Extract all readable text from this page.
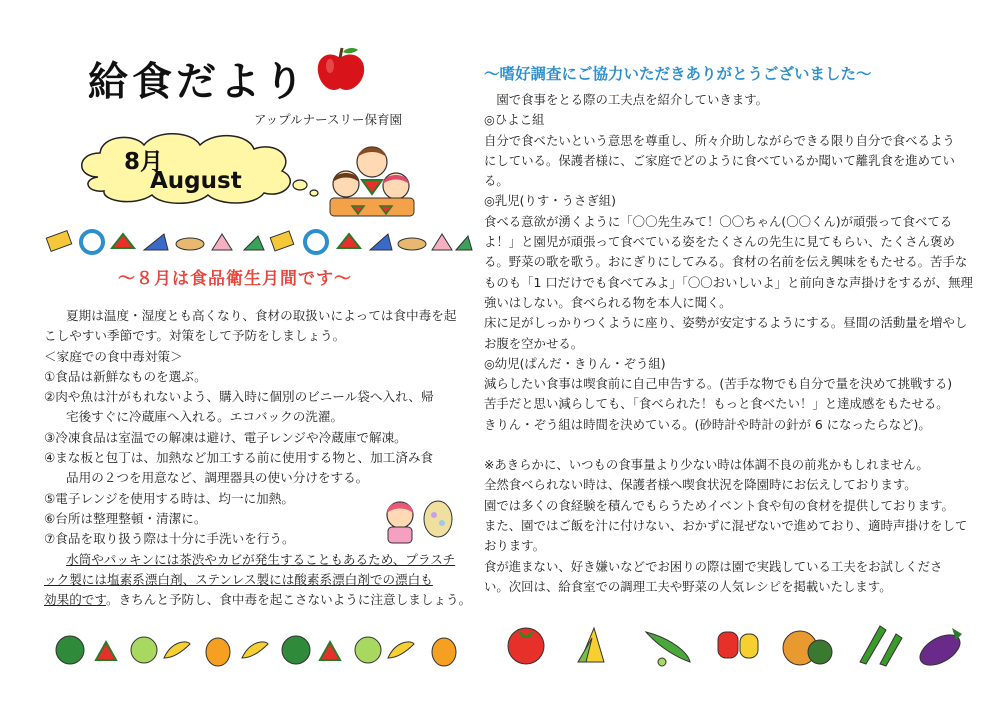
給食だより
アップルナースリー保育園
8月
August
～８月は食品衛生月間です～

夏期は温度・湿度とも高くなり、食材の取扱いによっては食中毒を起

こしやすい季節です。対策をして予防をしましょう。

＜家庭での食中毒対策＞

①食品は新鮮なものを選ぶ。

②肉や魚は汁がもれないよう、購入時に個別のビニール袋へ入れ、帰

宅後すぐに冷蔵庫へ入れる。エコバックの洗濯。

③冷凍食品は室温での解凍は避け、電子レンジや冷蔵庫で解凍。

④まな板と包丁は、加熱など加工する前に使用する物と、加工済み食

品用の２つを用意など、調理器具の使い分けをする。

⑤電子レンジを使用する時は、均一に加熱。

⑥台所は整理整頓・清潔に。

⑦食品を取り扱う際は十分に手洗いを行う。

水筒やパッキンには茶渋やカビが発生することもあるため、プラスチ

ック製には塩素系漂白剤、ステンレス製には酸素系漂白剤での漂白も

効果的です。きちんと予防し、食中毒を起こさないように注意しましょう。

～嗜好調査にご協力いただきありがとうございました～

　園で食事をとる際の工夫点を紹介していきます。

◎ひよこ組

自分で食べたいという意思を尊重し、所々介助しながらできる限り自分で食べるよう

にしている。保護者様に、ご家庭でどのように食べているか聞いて離乳食を進めてい

る。

◎乳児(りす・うさぎ組)

食べる意欲が湧くように「〇〇先生みて！〇〇ちゃん(〇〇くん)が頑張って食べてる

よ！」と園児が頑張って食べている姿をたくさんの先生に見てもらい、たくさん褒め

る。野菜の歌を歌う。おにぎりにしてみる。食材の名前を伝え興味をもたせる。苦手な

ものも「1 口だけでも食べてみよ」「〇〇おいしいよ」と前向きな声掛けをするが、無理

強いはしない。食べられる物を本人に聞く。

床に足がしっかりつくように座り、姿勢が安定するようにする。昼間の活動量を増やし

お腹を空かせる。

◎幼児(ぱんだ・きりん・ぞう組)

減らしたい食事は喫食前に自己申告する。(苦手な物でも自分で量を決めて挑戦する)

苦手だと思い減らしても、「食べられた！もっと食べたい！」と達成感をもたせる。

きりん・ぞう組は時間を決めている。(砂時計や時計の針が 6 になったらなど)。

※あきらかに、いつもの食事量より少ない時は体調不良の前兆かもしれません。

全然食べられない時は、保護者様へ喫食状況を降園時にお伝えしております。

園では多くの食経験を積んでもらうためイベント食や旬の食材を提供しております。

また、園ではご飯を汁に付けない、おかずに混ぜないで進めており、適時声掛けをして

おります。

食が進まない、好き嫌いなどでお困りの際は園で実践している工夫をお試しくださ

い。次回は、給食室での調理工夫や野菜の人気レシピを掲載いたします。
